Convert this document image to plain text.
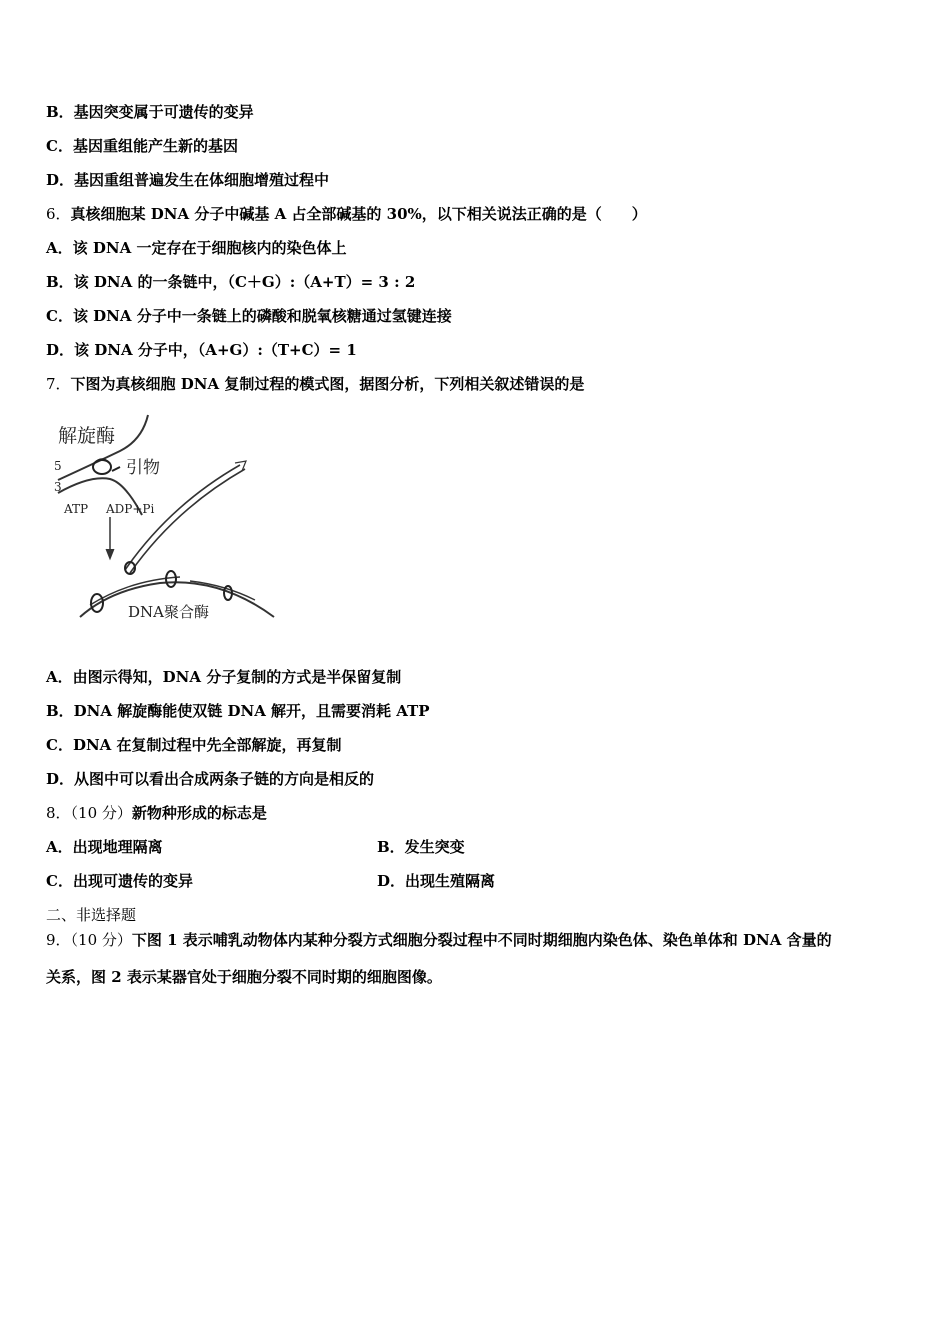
B．基因突变属于可遗传的变异
C．基因重组能产生新的基因
D．基因重组普遍发生在体细胞增殖过程中
6．真核细胞某 DNA 分子中碱基 A 占全部碱基的 30%，以下相关说法正确的是（　　）
A．该 DNA 一定存在于细胞核内的染色体上
B．该 DNA 的一条链中，（C＋G）:（A+T）= 3 : 2
C．该 DNA 分子中一条链上的磷酸和脱氧核糖通过氢键连接
D．该 DNA 分子中，（A+G）:（T+C）= 1
7．下图为真核细胞 DNA 复制过程的模式图，据图分析，下列相关叙述错误的是
解旋酶
5
3
引物
ATP ADP+Pi
DNA聚合酶
A．由图示得知，DNA 分子复制的方式是半保留复制
B．DNA 解旋酶能使双链 DNA 解开，且需要消耗 ATP
C．DNA 在复制过程中先全部解旋，再复制
D．从图中可以看出合成两条子链的方向是相反的
8．（10 分）新物种形成的标志是
A．出现地理隔离	B．发生突变
C．出现可遗传的变异	D．出现生殖隔离
二、非选择题
9．（10 分）下图 1 表示哺乳动物体内某种分裂方式细胞分裂过程中不同时期细胞内染色体、染色单体和 DNA 含量的
关系，图 2 表示某器官处于细胞分裂不同时期的细胞图像。
